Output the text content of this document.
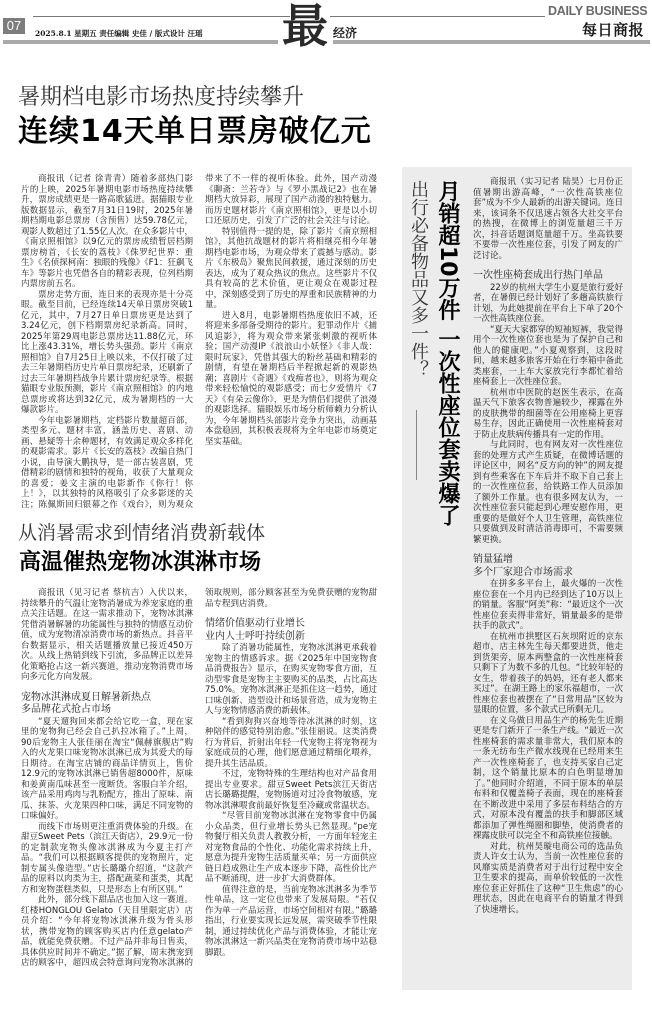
07
2025.8.1 星期五 责任编辑 史佳 / 版式设计 汪瑶 最 经济
DAILY BUSINESS
每日商报
暑期档电影市场热度持续攀升
连续14天单日票房破亿元

商报讯（记者 徐青青）随着多部热门影片的上映，2025年暑期电影市场热度持续攀升，票房成绩更是一路高歌猛进。据猫眼专业版数据显示，截至7月31日19时，2025年暑期档期电影总票房（含预售）达59.78亿元，观影人数超过了1.55亿人次。在众多影片中，《南京照相馆》以9亿元的票房成绩暂居档期票房榜首，《长安的荔枝》《侏罗纪世界：重生》《名侦探柯南：独眼的残像》《F1：狂飙飞车》等影片也凭借各自的精彩表现，位列档期内票房前五名。

票房走势方面，连日来的表现亦是十分亮眼。截至目前，已经连续14天单日票房突破1亿元，其中，7月27日单日票房更是达到了3.24亿元，创下档期票房纪录新高。同时，2025年第29周电影总票房达11.88亿元，环比上涨43.31%，增长势头强劲。影片《南京照相馆》自7月25日上映以来，不仅打破了过去三年暑期档历史片单日票房纪录，还刷新了过去三年暑期档战争片累计票房纪录等。根据猫眼专业版预测，影片《南京照相馆》的内地总票房或将达到32亿元，成为暑期档的一大爆款影片。

今年电影暑期档，定档影片数量超百部，类型多元、题材丰富，涵盖历史、喜剧、动画、悬疑等十余种题材，有效满足观众多样化的观影需求。影片《长安的荔枝》改编自热门小说，由导演大鹏执导，是一部古装喜剧，凭借精彩的剧情和独特的视角，收获了大量观众的喜爱；姜文主演的电影新作《你行！你上！》，以其独特的风格吸引了众多影迷的关注；陈佩斯回归银幕之作《戏台》，则为观众带来了不一样的视听体验。此外，国产动漫《聊斋：兰若寺》与《罗小黑战记2》也在暑期档大放异彩，展现了国产动漫的独特魅力。而历史题材影片《南京照相馆》，更是以小切口还原历史，引发了广泛的社会关注与讨论。

特别值得一提的是，除了影片《南京照相馆》，其他抗战题材的影片将相继亮相今年暑期档电影市场，为观众带来了震撼与感动。影片《东极岛》聚焦民间救援，通过深刻的历史表达，成为了观众热议的焦点。这些影片不仅具有较高的艺术价值，更让观众在观影过程中，深刻感受到了历史的厚重和民族精神的力量。

进入8月，电影暑期档热度依旧不减，还将迎来多部备受期待的影片。犯罪动作片《捕风追影》，将为观众带来紧张刺激的视听体验；国产动漫IP《浪浪山小妖怪》《非人哉：限时玩家》，凭借其强大的粉丝基础和精彩的剧情，有望在暑期档后半程掀起新的观影热潮；喜剧片《奇遇》《戏痴者也》，则将为观众带来轻松愉悦的观影感受；而七夕爱情片《7天》《有朵云像你》，更是为情侣们提供了浪漫的观影选择。猫眼娱乐市场分析师赖力分析认为，今年暑期档头部影片竞争力突出，动画基本盘稳固，其积极表现将为全年电影市场奠定坚实基础。

从消暑需求到情绪消费新载体
高温催热宠物冰淇淋市场

商报讯（见习记者 蔡杭吉）入伏以来，持续攀升的气温让宠物消暑成为养宠家庭的重点关注话题。在这一需求推动下，宠物冰淇淋凭借消暑解暑的功能属性与独特的情感互动价值，成为宠物清凉消费市场的新热点。抖音平台数据显示，相关话题播放量已接近450万次。从线上热销到线下引流，多品牌正以差异化策略抢占这一新兴赛道，推动宠物消费市场向多元化方向发展。

宠物冰淇淋成夏日解暑新热点

多品牌花式抢占市场

“夏天遛狗回来都会给它吃一盒，现在家里的宠物狗已经会自己扒拉冰箱了。”上周，90后宠物主人张佳丽在淘宝“佩赫旗舰店”购入的火龙果口味宠物冰淇淋已成为其爱犬的每日期待。在淘宝店铺的商品详情页上，售价12.9元的宠物冰淇淋已销售超8000件，原味和姜黄南瓜味甚至一度断货。客服白羊介绍，该产品采用鸡肉与乳粉配方，推出了原味、南瓜、抹茶、火龙果四种口味，满足不同宠物的口味偏好。

而线下市场则更注重消费体验的升级。在甜豆Sweet Pets（滨江天街店），29.9元一份的定制款宠物头像冰淇淋成为今夏主打产品。“我们可以根据顾客提供的宠物照片，定制专属头像造型。”店长璐璐介绍道，“这款产品的原料以肉类为主，搭配蔬菜和蛋类，其配方和宠物蛋糕类似，只是形态上有所区别。”

此外，部分线下甜品店也加入这一赛道。红楼HONGLOU Gelato（天目里限定店）店员介绍：“今年将宠物冰淇淋升级为骨头形状，携带宠物的顾客购买店内任意gelato产品，就能免费获赠。不过产品并非每日售卖，具体供应时间并不确定。”据了解，周末携宠到店的顾客中，超四成会特意询问宠物冰淇淋的领取规则，部分顾客甚至为免费获赠的宠物甜品专程到店消费。

情绪价值驱动行业增长

业内人士呼吁持续创新

除了消暑功能属性，宠物冰淇淋更承载着宠物主的情感诉求。据《2025年中国宠物食品消费报告》显示，在购买宠物零食方面，互动型零食是宠物主主要购买的品类，占比高达75.0%。宠物冰淇淋正是抓住这一趋势，通过口味创新、造型设计和场景营造，成为宠物主人与宠物情感消费的新载体。

“看到狗狗兴奋地等待冰淇淋的时刻，这种陪伴的感觉特别治愈。”张佳丽说。这类消费行为背后，折射出年轻一代宠物主将宠物视为家庭成员的心理，他们愿意通过精细化喂养，提升其生活品质。

不过，宠物特殊的生理结构也对产品食用提出专业要求。甜豆Sweet Pets滨江天街店店长璐璐提醒，宠物肠道对过冷食物敏感，宠物冰淇淋喂食前最好恢复至冷藏或常温状态。

“尽管目前宠物冰淇淋在宠物零食中仍属小众品类，但行业增长势头已然显现。”pe宠物餐厅相关负责人教教分析，一方面年轻宠主对宠物食品的个性化、功能化需求持续上升，愿意为提升宠物生活质量买单；另一方面供应链日趋成熟让生产成本逐步下降，高性价比产品不断涌现，进一步扩大消费群体。

值得注意的是，当前宠物冰淇淋多为季节性单品，这一定位也带来了发展局限。“若仅作为单一产品运营，市场空间相对有限。”璐璐指出，行业要实现长远发展，需突破季节性限制，通过持续优化产品与消费体验，才能让宠物冰淇淋这一新兴品类在宠物消费市场中站稳脚跟。

出行必备物品又多一件？ 月销超10万件 一次性座位套卖爆了	商报讯（实习记者 陆昊）七月份正值暑期出游高峰，“一次性高铁座位套”成为不少人最新的出游关键词。连日来，该词条不仅迅速占领各大社交平台的热搜，在微博上的浏览量超三千万次，抖音话题浏览量超千万。坐高铁要不要带一次性座位套，引发了网友的广泛讨论。

一次性座椅套成出行热门单品

22岁的杭州大学生小夏是旅行爱好者，在暑假已经计划好了多趟高铁旅行计划，为此她提前在平台上下单了20个一次性高铁座位套。

“夏天大家都穿的短袖短裤，我觉得用个一次性座位套也是为了保护自己和他人的健康吧。”小夏观察到，这段时间，越来越多旅客开始在行李箱中备此类座套，一上车大家放完行李都忙着给座椅套上一次性座位套。

杭州市中医院的赵医生表示，在高温天气下旅客衣物普遍较少，裸露在外的皮肤携带的细菌等在公用座椅上更容易生存，因此正确使用一次性座椅套对于防止皮肤病传播具有一定的作用。

与此同时，也有网友对一次性座位套的处理方式产生质疑，在微博话题的评论区中，网名“反方向的钟”的网友提到有些乘客在下车后并不取下自己套上的一次性座位套，给铁路工作人员添加了额外工作量。也有很多网友认为，一次性座位套只能起到心理安慰作用，更重要的是做好个人卫生管理，高铁座位只要做到及时清洁消毒即可，不需要频繁更换。

销量猛增

多个厂家迎合市场需求

在拼多多平台上，最火爆的一次性座位套在一个月内已经到达了10万以上的销量。客服“阿美”称：“最近这个一次性座位套卖得非常好，销量最多的是带扶手的款式”。

在杭州市拱墅区石灰坝附近的京东超市，店主林先生每天都要进货，他走到货架旁，原本两整盒的一次性座椅套只剩下了为数不多的几包。“比较年轻的女生，带着孩子的妈妈，还有老人都来买过”。在湖王路上的家乐福超市，一次性座位套也被摆在了“日常用品”区较为显眼的位置，多个款式已所剩无几。

在义乌做日用品生产的杨先生近期更是专门新开了一条生产线。“最近一次性座椅套的需求量非常大，我们原本的一条无纺布生产微水线现在已经用来生产一次性座椅套了，也支持买家自己定制，这个销量比原本的白色明显增加了。”他同时介绍道，不同于原本的单层布料和仅覆盖椅子表面，现在的座椅套在不断改进中采用了多层布料结合的方式，对原本没有覆盖的扶手和脚部区域都添加了弹性绳圈和脚垫，使消费者的裸露皮肤可以完全不和高铁座位接触。

对此，杭州昊璇电商公司的选品负责人许女士认为，当前一次性座位套的风靡实质是消费者对于出行过程中安全卫生要求的提高，而单价较低的一次性座位套正好抓住了这种“卫生焦虑”的心理状态，因此在电商平台的销量才得到了快速增长。
